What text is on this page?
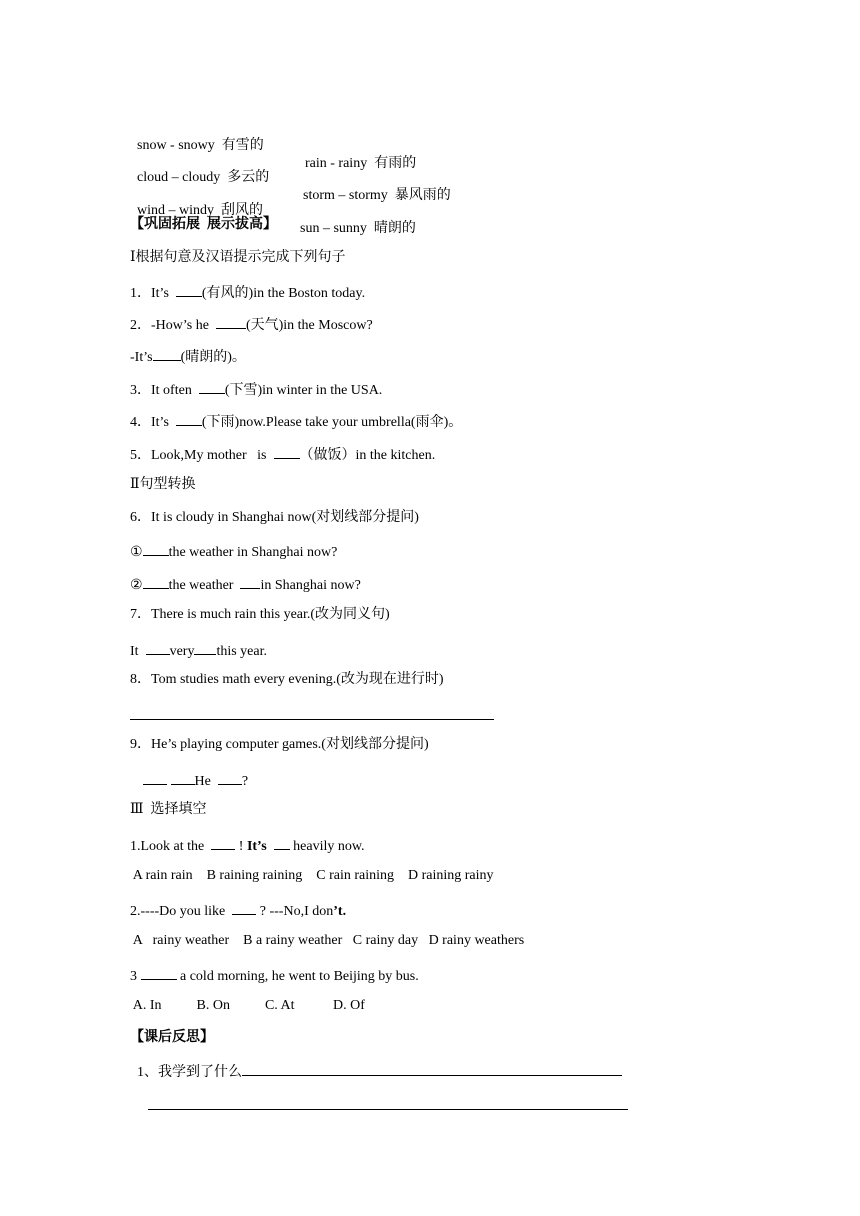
snow - snowy  有雪的

rain - rainy  有雨的

cloud – cloudy  多云的

storm – stormy  暴风雨的

wind – windy  刮风的

sun – sunny  晴朗的

【巩固拓展  展示拔高】
Ⅰ根据句意及汉语提示完成下列句子
1．It’s  (有风的)in the Boston today.
2．-How’s he  (天气)in the Moscow?
-It’s (晴朗的)。
3．It often  (下雪)in winter in the USA.
4．It’s  (下雨)now.Please take your umbrella(雨伞)。
5．Look,My mother   is  （做饭）in the kitchen.
Ⅱ句型转换
6．It is cloudy in Shanghai now(对划线部分提问)
① the weather in Shanghai now?
② the weather  in Shanghai now?
7．There is much rain this year.(改为同义句)
It  very this year.
8．Tom studies math every evening.(改为现在进行时)
9．He’s playing computer games.(对划线部分提问)
He  ?
Ⅲ  选择填空
1.Look at the   ! It’s   heavily now.
A rain rain    B raining raining    C rain raining    D raining rainy
2.----Do you like   ? ---No,I don’t.
A   rainy weather    B a rainy weather   C rainy day   D rainy weathers
3	a cold morning, he went to Beijing by bus.
A. In          B. On          C. At           D. Of
【课后反思】
1、我学到了什么
